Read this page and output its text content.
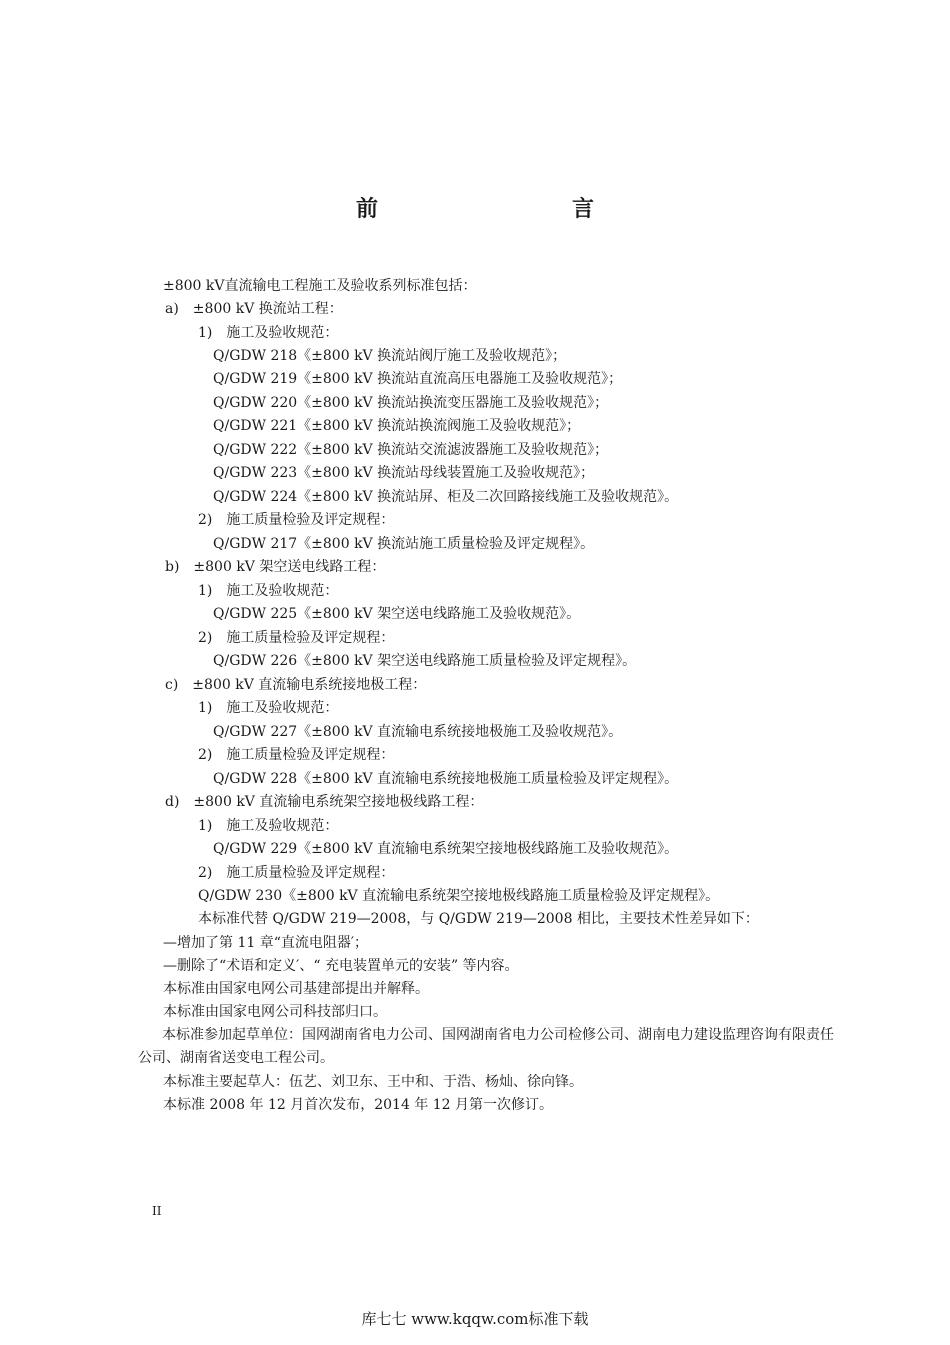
前　　言
±800 kV直流输电工程施工及验收系列标准包括：
a)　±800 kV 换流站工程：
1)　施工及验收规范：
Q/GDW 218《±800 kV 换流站阀厅施工及验收规范》；
Q/GDW 219《±800 kV 换流站直流高压电器施工及验收规范》；
Q/GDW 220《±800 kV 换流站换流变压器施工及验收规范》；
Q/GDW 221《±800 kV 换流站换流阀施工及验收规范》；
Q/GDW 222《±800 kV 换流站交流滤波器施工及验收规范》；
Q/GDW 223《±800 kV 换流站母线装置施工及验收规范》；
Q/GDW 224《±800 kV 换流站屏、柜及二次回路接线施工及验收规范》。
2)　施工质量检验及评定规程：
Q/GDW 217《±800 kV 换流站施工质量检验及评定规程》。
b)　±800 kV 架空送电线路工程：
1)　施工及验收规范：
Q/GDW 225《±800 kV 架空送电线路施工及验收规范》。
2)　施工质量检验及评定规程：
Q/GDW 226《±800 kV 架空送电线路施工质量检验及评定规程》。
c)　±800 kV 直流输电系统接地极工程：
1)　施工及验收规范：
Q/GDW 227《±800 kV 直流输电系统接地极施工及验收规范》。
2)　施工质量检验及评定规程：
Q/GDW 228《±800 kV 直流输电系统接地极施工质量检验及评定规程》。
d)　±800 kV 直流输电系统架空接地极线路工程：
1)　施工及验收规范：
Q/GDW 229《±800 kV 直流输电系统架空接地极线路施工及验收规范》。
2)　施工质量检验及评定规程：
Q/GDW 230《±800 kV 直流输电系统架空接地极线路施工质量检验及评定规程》。
本标准代替 Q/GDW 219—2008，与 Q/GDW 219—2008 相比，主要技术性差异如下：
—增加了第 11 章“直流电阻器′；
—删除了“术语和定义′、“ 充电装置单元的安装” 等内容。
本标准由国家电网公司基建部提出并解释。
本标准由国家电网公司科技部归口。
本标准参加起草单位：国网湖南省电力公司、国网湖南省电力公司检修公司、湖南电力建设监理咨询有限责任公司、湖南省送变电工程公司。
本标准主要起草人：伍艺、刘卫东、王中和、于浩、杨灿、徐向锋。
本标准 2008 年 12 月首次发布，2014 年 12 月第一次修订。
II
库七七 www.kqqw.com标准下载
